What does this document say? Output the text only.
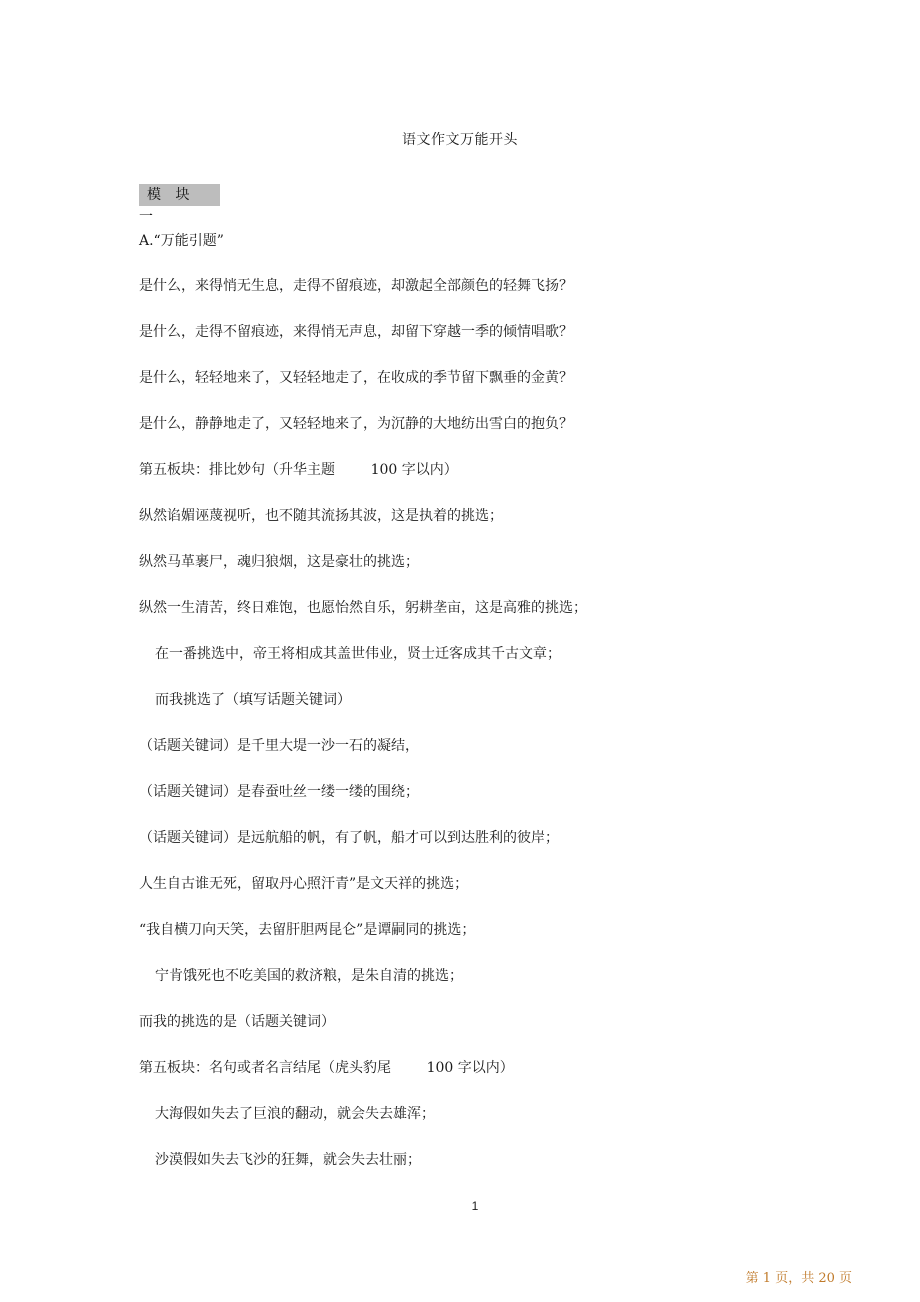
语文作文万能开头
模 块 一
A.“万能引题”
是什么，来得悄无生息，走得不留痕迹，却激起全部颜色的轻舞飞扬？
是什么，走得不留痕迹，来得悄无声息，却留下穿越一季的倾情唱歌？
是什么，轻轻地来了，又轻轻地走了，在收成的季节留下飘垂的金黄？
是什么，静静地走了，又轻轻地来了，为沉静的大地纺出雪白的抱负？
第五板块：排比妙句（升华主题        100 字以内）
纵然谄媚诬蔑视听，也不随其流扬其波，这是执着的挑选；
纵然马革裹尸，魂归狼烟，这是豪壮的挑选；
纵然一生清苦，终日难饱，也愿怡然自乐，躬耕垄亩，这是高雅的挑选；
在一番挑选中，帝王将相成其盖世伟业，贤士迁客成其千古文章；
而我挑选了（填写话题关键词）
（话题关键词）是千里大堤一沙一石的凝结，
（话题关键词）是春蚕吐丝一缕一缕的围绕；
（话题关键词）是远航船的帆，有了帆，船才可以到达胜利的彼岸；
人生自古谁无死，留取丹心照汗青”是文天祥的挑选；
“我自横刀向天笑，去留肝胆两昆仑”是谭嗣同的挑选；
宁肯饿死也不吃美国的救济粮，是朱自清的挑选；
而我的挑选的是（话题关键词）
第五板块：名句或者名言结尾（虎头豹尾        100 字以内）
大海假如失去了巨浪的翻动，就会失去雄浑；
沙漠假如失去飞沙的狂舞，就会失去壮丽；
1
第 1 页，共 20 页
